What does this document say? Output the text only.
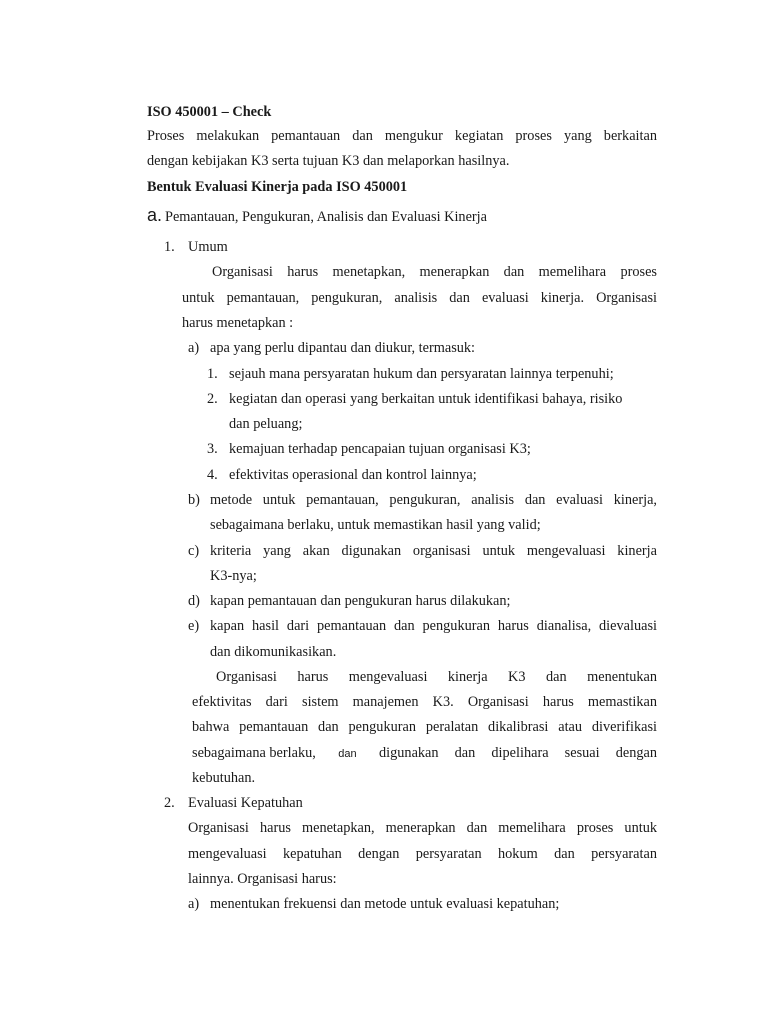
ISO 450001 – Check
Proses melakukan pemantauan dan mengukur kegiatan proses yang berkaitan
dengan kebijakan K3 serta tujuan K3 dan melaporkan hasilnya.
Bentuk Evaluasi Kinerja pada ISO 450001
a. Pemantauan, Pengukuran, Analisis dan Evaluasi Kinerja
1. Umum
Organisasi harus menetapkan, menerapkan dan memelihara proses
untuk pemantauan, pengukuran, analisis dan evaluasi kinerja. Organisasi
harus menetapkan :
a) apa yang perlu dipantau dan diukur, termasuk:
1. sejauh mana persyaratan hukum dan persyaratan lainnya terpenuhi;
2. kegiatan dan operasi yang berkaitan untuk identifikasi bahaya, risiko
dan peluang;
3. kemajuan terhadap pencapaian tujuan organisasi K3;
4. efektivitas operasional dan kontrol lainnya;
b) metode untuk pemantauan, pengukuran, analisis dan evaluasi kinerja,
sebagaimana berlaku, untuk memastikan hasil yang valid;
c) kriteria yang akan digunakan organisasi untuk mengevaluasi kinerja
K3-nya;
d) kapan pemantauan dan pengukuran harus dilakukan;
e) kapan hasil dari pemantauan dan pengukuran harus dianalisa, dievaluasi
dan dikomunikasikan.
Organisasi harus mengevaluasi kinerja K3 dan menentukan
efektivitas dari sistem manajemen K3. Organisasi harus memastikan
bahwa pemantauan dan pengukuran peralatan dikalibrasi atau diverifikasi
sebagaimana berlaku, dan digunakan dan dipelihara sesuai dengan
kebutuhan.
2. Evaluasi Kepatuhan
Organisasi harus menetapkan, menerapkan dan memelihara proses untuk
mengevaluasi kepatuhan dengan persyaratan hokum dan persyaratan
lainnya. Organisasi harus:
a) menentukan frekuensi dan metode untuk evaluasi kepatuhan;
